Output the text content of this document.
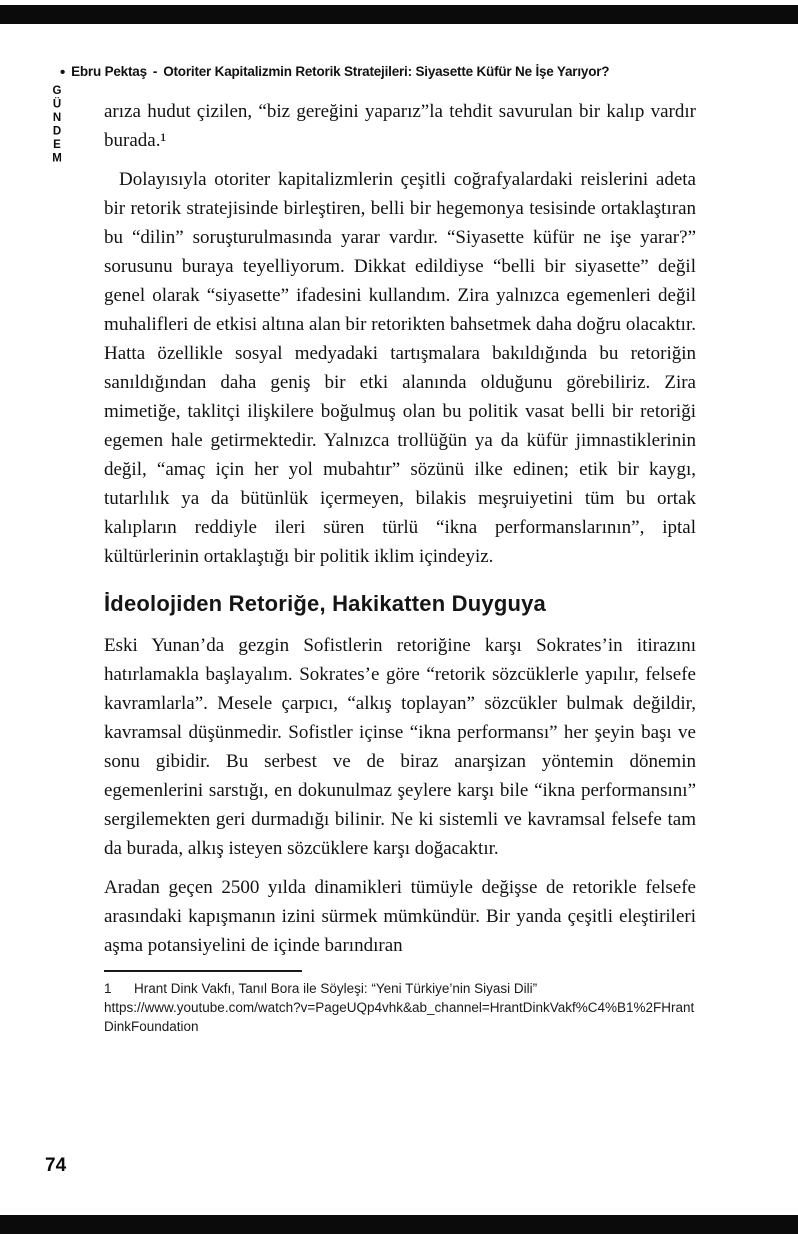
• Ebru Pektaş - Otoriter Kapitalizmin Retorik Stratejileri: Siyasette Küfür Ne İşe Yarıyor?
GÜNDEM arıza hudut çizilen, “biz gereğini yaparız”la tehdit savurulan bir kalıp vardır burada.¹

Dolayısıyla otoriter kapitalizmlerin çeşitli coğrafyalardaki reislerini adeta bir retorik stratejisinde birleştiren, belli bir hegemonya tesisinde ortaklaştıran bu “dilin” soruşturulmasında yarar vardır. “Siyasette küfür ne işe yarar?” sorusunu buraya teyelliyorum. Dikkat edildiyse “belli bir siyasette” değil genel olarak “siyasette” ifadesini kullandım. Zira yalnızca egemenleri değil muhalifleri de etkisi altına alan bir retorikten bahsetmek daha doğru olacaktır. Hatta özellikle sosyal medyadaki tartışmalara bakıldığında bu retoriğin sanıldığından daha geniş bir etki alanında olduğunu görebiliriz. Zira mimetiğe, taklitçi ilişkilere boğulmuş olan bu politik vasat belli bir retoriği egemen hale getirmektedir. Yalnızca trollüğün ya da küfür jimnastiklerinin değil, “amaç için her yol mubahtır” sözünü ilke edinen; etik bir kaygı, tutarlılık ya da bütünlük içermeyen, bilakis meşruiyetini tüm bu ortak kalıpların reddiyle ileri süren türlü “ikna performanslarının”, iptal kültürlerinin ortaklaştığı bir politik iklim içindeyiz.

İdeolojiden Retoriğe, Hakikatten Duyguya

Eski Yunan’da gezgin Sofistlerin retoriğine karşı Sokrates’in itirazını hatırlamakla başlayalım. Sokrates’e göre “retorik sözcüklerle yapılır, felsefe kavramlarla”. Mesele çarpıcı, “alkış toplayan” sözcükler bulmak değildir, kavramsal düşünmedir. Sofistler içinse “ikna performansı” her şeyin başı ve sonu gibidir. Bu serbest ve de biraz anarşizan yöntemin dönemin egemenlerini sarstığı, en dokunulmaz şeylere karşı bile “ikna performansını” sergilemekten geri durmadığı bilinir. Ne ki sistemli ve kavramsal felsefe tam da burada, alkış isteyen sözcüklere karşı doğacaktır.

Aradan geçen 2500 yılda dinamikleri tümüyle değişse de retorikle felsefe arasındaki kapışmanın izini sürmek mümkündür. Bir yanda çeşitli eleştirileri aşma potansiyelini de içinde barındıran

1 Hrant Dink Vakfı, Tanıl Bora ile Söyleşi: “Yeni Türkiye’nin Siyasi Dili”
https://www.youtube.com/watch?v=PageUQp4vhk&ab_channel=HrantDinkVakf%C4%B1%2FHrantDinkFoundation
74
